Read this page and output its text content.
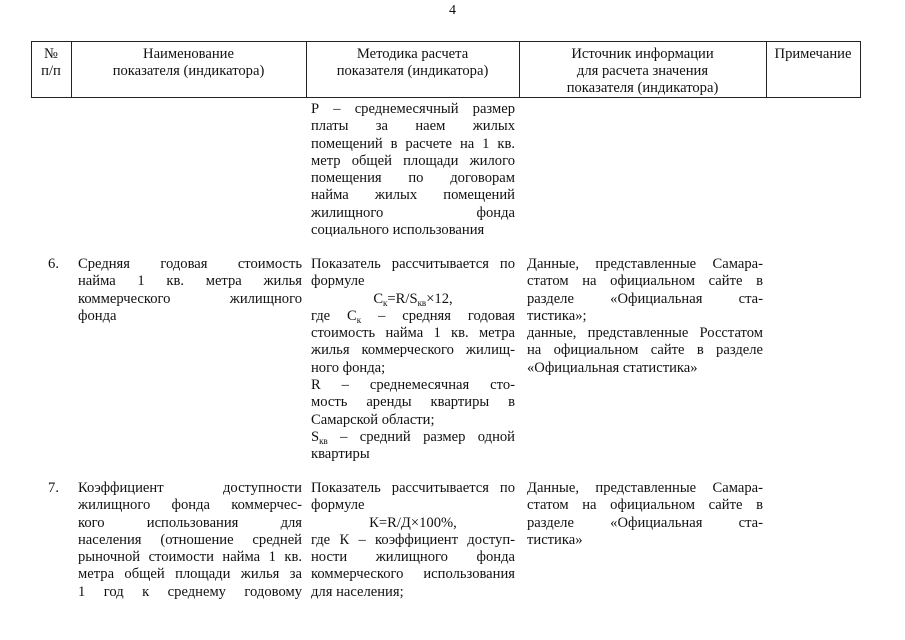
4
№
п/п
Наименование
показателя (индикатора)
Методика расчета
показателя (индикатора)
Источник информации
для расчета значения
показателя (индикатора)
Примечание
Р – среднемесячный размер
платы за наем жилых
помещений в расчете на 1 кв.
метр общей площади жилого
помещения по договорам
найма жилых помещений
жилищного фонда
социального использования
6. Средняя годовая стоимость
найма 1 кв. метра жилья
коммерческого жилищного
фонда
Показатель рассчитывается по
формуле
$С_к=R/S_{кв}\times 12$,
где $С_к$ – средняя годовая
стоимость найма 1 кв. метра
жилья коммерческого жилищ-
ного фонда;
R – среднемесячная сто-
мость аренды квартиры в
Самарской области;
$S_{кв}$ – средний размер одной
квартиры
Данные, представленные Самара-
статом на официальном сайте в
разделе «Официальная ста-
тистика»;
данные, представленные Росстатом
на официальном сайте в разделе
«Официальная статистика»
7. Коэффициент доступности
жилищного фонда коммерчес-
кого использования для
населения (отношение средней
рыночной стоимости найма 1 кв.
метра общей площади жилья за
1 год к среднему годовому
Показатель рассчитывается по
формуле
К=R/Д×100%,
где К – коэффициент доступ-
ности жилищного фонда
коммерческого использования
для населения;
Данные, представленные Самара-
статом на официальном сайте в
разделе «Официальная ста-
тистика»
